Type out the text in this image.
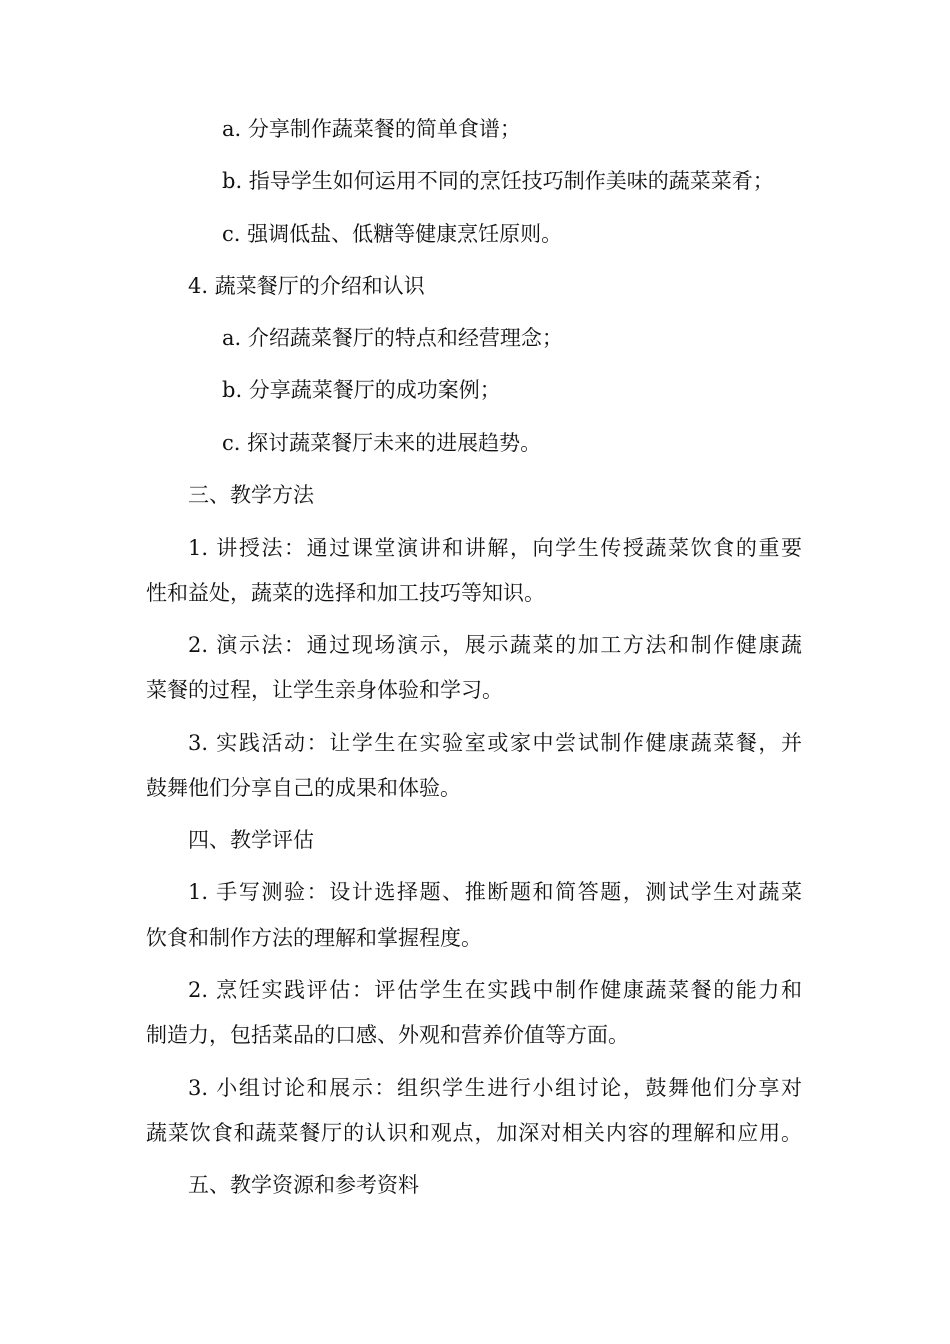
a. 分享制作蔬菜餐的简单食谱；
b. 指导学生如何运用不同的烹饪技巧制作美味的蔬菜菜肴；
c. 强调低盐、低糖等健康烹饪原则。
4. 蔬菜餐厅的介绍和认识
a. 介绍蔬菜餐厅的特点和经营理念；
b. 分享蔬菜餐厅的成功案例；
c. 探讨蔬菜餐厅未来的进展趋势。
三、教学方法
1. 讲授法：通过课堂演讲和讲解，向学生传授蔬菜饮食的重要
性和益处，蔬菜的选择和加工技巧等知识。
2. 演示法：通过现场演示，展示蔬菜的加工方法和制作健康蔬
菜餐的过程，让学生亲身体验和学习。
3. 实践活动：让学生在实验室或家中尝试制作健康蔬菜餐，并
鼓舞他们分享自己的成果和体验。
四、教学评估
1. 手写测验：设计选择题、推断题和简答题，测试学生对蔬菜
饮食和制作方法的理解和掌握程度。
2. 烹饪实践评估：评估学生在实践中制作健康蔬菜餐的能力和
制造力，包括菜品的口感、外观和营养价值等方面。
3. 小组讨论和展示：组织学生进行小组讨论，鼓舞他们分享对
蔬菜饮食和蔬菜餐厅的认识和观点，加深对相关内容的理解和应用。
五、教学资源和参考资料
